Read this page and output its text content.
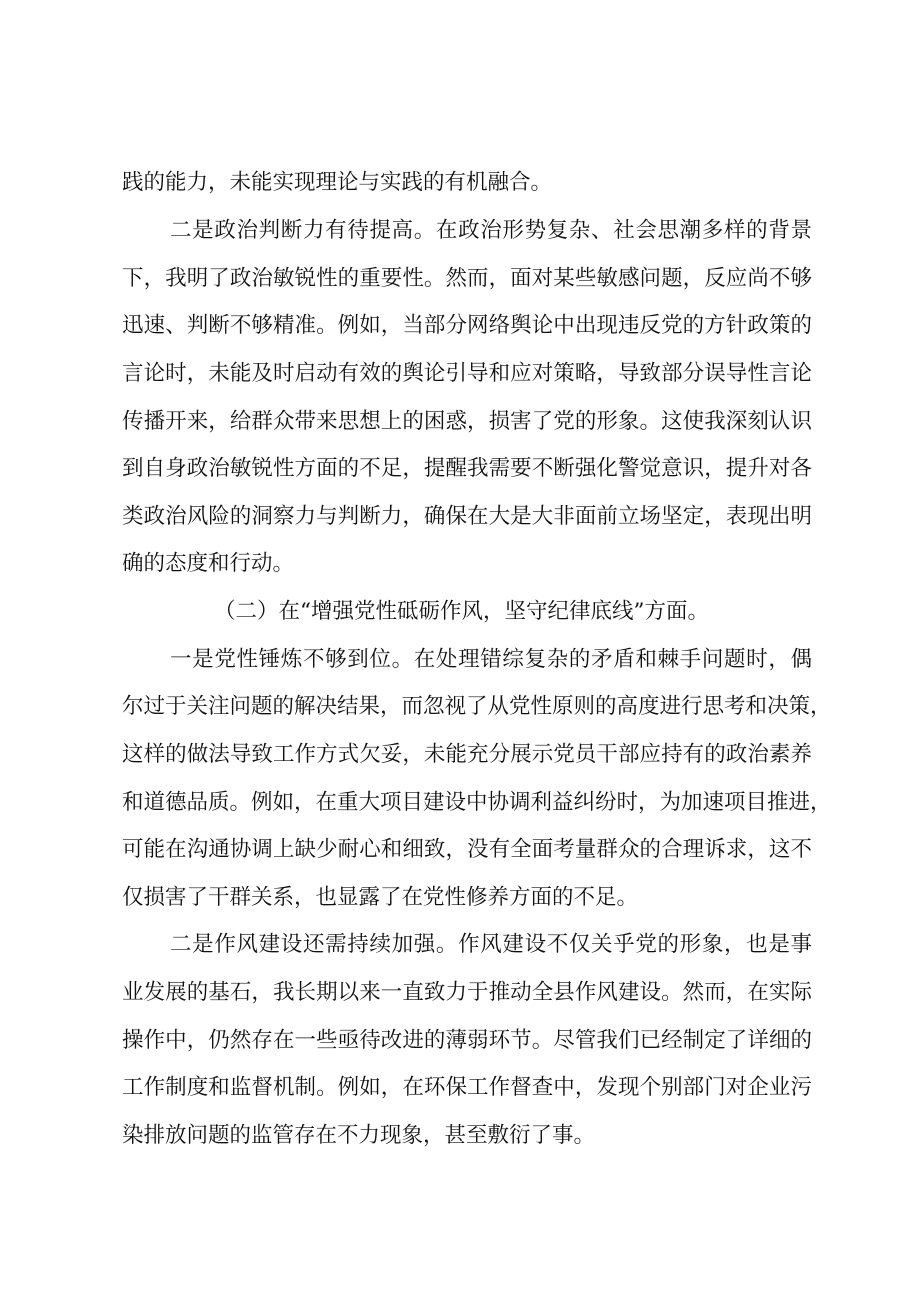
践的能力，未能实现理论与实践的有机融合。
二是政治判断力有待提高。在政治形势复杂、社会思潮多样的背景
下，我明了政治敏锐性的重要性。然而，面对某些敏感问题，反应尚不够
迅速、判断不够精准。例如，当部分网络舆论中出现违反党的方针政策的
言论时，未能及时启动有效的舆论引导和应对策略，导致部分误导性言论
传播开来，给群众带来思想上的困惑，损害了党的形象。这使我深刻认识
到自身政治敏锐性方面的不足，提醒我需要不断强化警觉意识，提升对各
类政治风险的洞察力与判断力，确保在大是大非面前立场坚定，表现出明
确的态度和行动。
（二）在“增强党性砥砺作风，坚守纪律底线”方面。
一是党性锤炼不够到位。在处理错综复杂的矛盾和棘手问题时，偶
尔过于关注问题的解决结果，而忽视了从党性原则的高度进行思考和决策，
这样的做法导致工作方式欠妥，未能充分展示党员干部应持有的政治素养
和道德品质。例如，在重大项目建设中协调利益纠纷时，为加速项目推进，
可能在沟通协调上缺少耐心和细致，没有全面考量群众的合理诉求，这不
仅损害了干群关系，也显露了在党性修养方面的不足。
二是作风建设还需持续加强。作风建设不仅关乎党的形象，也是事
业发展的基石，我长期以来一直致力于推动全县作风建设。然而，在实际
操作中，仍然存在一些亟待改进的薄弱环节。尽管我们已经制定了详细的
工作制度和监督机制。例如，在环保工作督查中，发现个别部门对企业污
染排放问题的监管存在不力现象，甚至敷衍了事。
